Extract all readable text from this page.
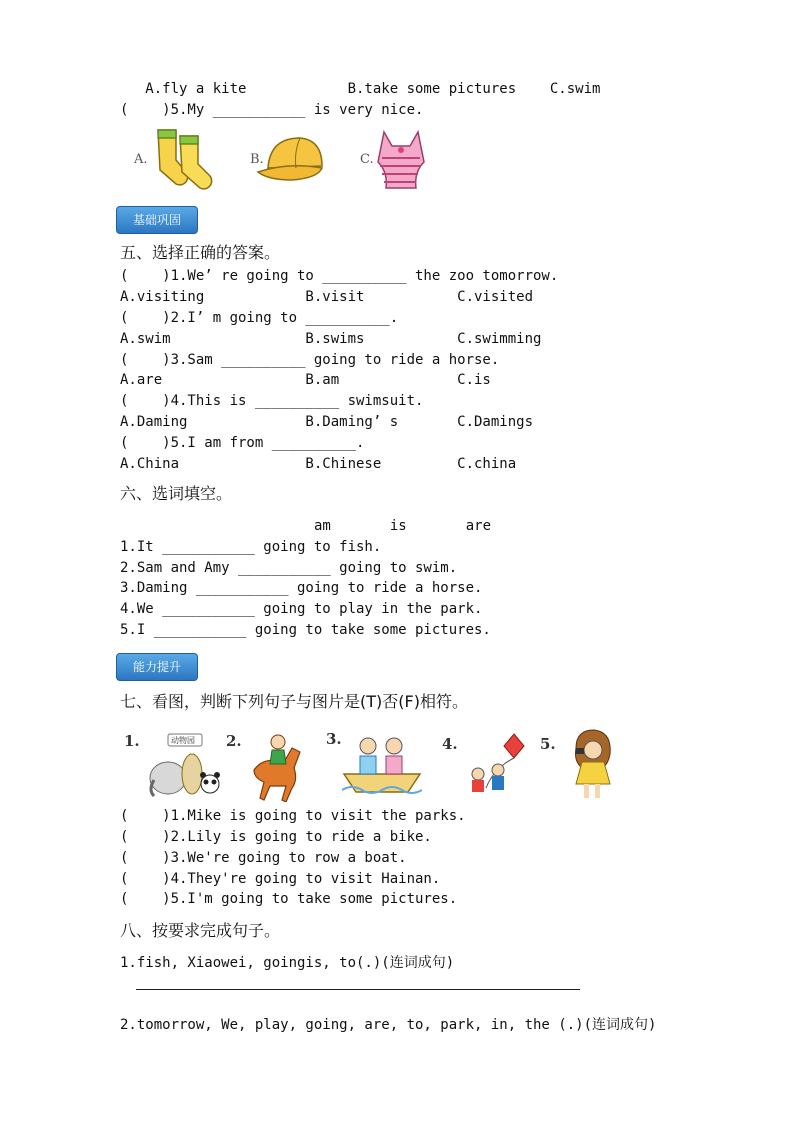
A.fly a kite            B.take some pictures    C.swim
(    )5.My ___________ is very nice.
A.	B.	C.
基础巩固
五、选择正确的答案。
(    )1.We’ re going to __________ the zoo tomorrow.
A.visiting            B.visit           C.visited
(    )2.I’ m going to __________.
A.swim                B.swims           C.swimming
(    )3.Sam __________ going to ride a horse.
A.are                 B.am              C.is
(    )4.This is __________ swimsuit.
A.Daming              B.Daming’ s       C.Damings
(    )5.I am from __________.
A.China               B.Chinese         C.china
六、选词填空。
am       is       are
1.It ___________ going to fish.
2.Sam and Amy ___________ going to swim.
3.Daming ___________ going to ride a horse.
4.We ___________ going to play in the park.
5.I ___________ going to take some pictures.
能力提升
七、看图，判断下列句子与图片是(T)否(F)相符。
1.	动物园 2.	3.	4.	5.
(    )1.Mike is going to visit the parks.
(    )2.Lily is going to ride a bike.
(    )3.We're going to row a boat.
(    )4.They're going to visit Hainan.
(    )5.I'm going to take some pictures.
八、按要求完成句子。
1.fish, Xiaowei, goingis, to(.)(连词成句)
2.tomorrow, We, play, going, are, to, park, in, the (.)(连词成句)
